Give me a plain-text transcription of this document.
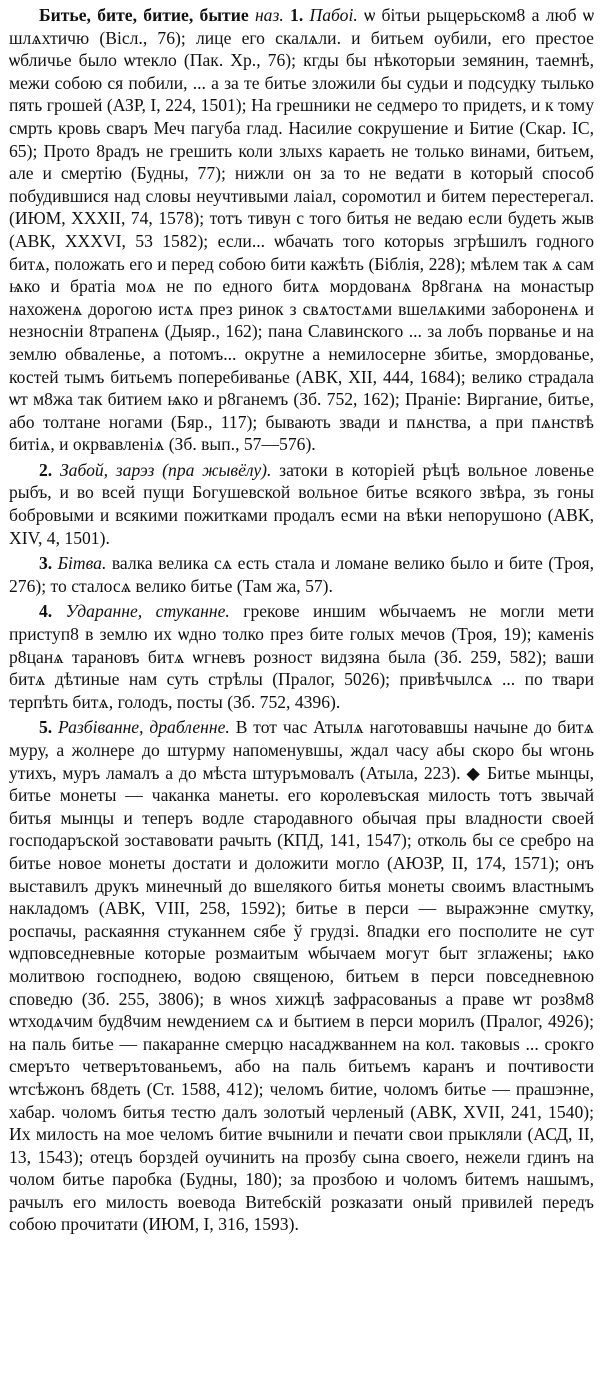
Битье, бите, битие, бытие наз. 1. Пабоі. ѡ бітьи рыцерьском8 а люб ѡ шлѧхтичю (Вісл., 76); лице его скалѧли. и битьем оубили, его престое ѡбличье было ѡтекло (Пак. Хр., 76); кгды бы нѣкоторыи земянин, таемнѣ, межи собою ся побили, ... а за те битье зложили бы судьи и подсудку тылько пять грошей (АЗР, I, 224, 1501); На грешники не седмеро то придетѕ, и к тому смрть кровь сваръ Меч пагуба глад. Насилие сокрушение и Битие (Скар. ІС, 65); Прото 8радъ не грешить коли злыхѕ караеть не только винами, битьем, але и смертію (Будны, 77); нижли он за то не ведати в который способ побудившися над словы неучтивыми лаіал, соромотил и битем перестерегал. (ИЮМ, XXXII, 74, 1578); тотъ тивун с того битья не ведаю если будеть жыв (АВК, XXXVI, 53 1582); если... ѡбачать того которыѕ згрѣшилъ годного битѧ, положать его и перед собою бити кажѣть (Біблія, 228); мѣлем так ѧ сам ѩко и братіа моѧ не по едного битѧ мордованѧ 8р8ганѧ на монастыр нахоженѧ дорогою истѧ през ринок з свѧтостѧми вшелѧкими забороненѧ и незносніи 8трапенѧ (Дыяр., 162); пана Славинского ... за лобъ порванье и на землю обваленье, а потомъ... окрутне а немилосерне збитье, змордованье, костей тымъ битьемъ поперебиванье (АВК, XII, 444, 1684); велико страдала ѡт м8жа так битием ѩко и р8ганемъ (Зб. 752, 162); Праніе: Виргание, битье, або толтане ногами (Бяр., 117); бывають звади и пѧнства, а при пѧнствѣ битіѧ, и окрвавленіѧ (Зб. вып., 57—576).

2. Забой, зарэз (пра жывёлу). затоки в которіей рѣцѣ вольное ловенье рыбъ, и во всей пущи Богушевской вольное битье всякого звѣра, зъ гоны бобровыми и всякими пожитками продалъ есми на вѣки непорушоно (АВК, XIV, 4, 1501).

3. Бітва. валка велика сѧ есть стала и ломане велико было и бите (Троя, 276); то сталосѧ велико битье (Там жа, 57).

4. Ударанне, стуканне. грекове иншим ѡбычаемъ не могли мети приступ8 в землю их ѡдно толко през бите голых мечов (Троя, 19); каменіѕ р8цанѧ тарановъ битѧ ѡгневъ розност видзяна была (Зб. 259, 582); ваши битѧ дѣтиные нам суть стрѣлы (Пралог, 5026); привѣчылсѧ ... по твари терпѣть битѧ, голодъ, посты (Зб. 752, 4396).

5. Разбіванне, драбленне. В тот час Атылѧ наготовавшы начыне до битѧ муру, а жолнере до штурму напоменувшы, ждал часу абы скоро бы ѡгонь утихъ, муръ ламалъ а до мѣста штуръмовалъ (Атыла, 223). ◆ Битье мынцы, битье монеты — чаканка манеты. его королевъская милость тотъ звычай битья мынцы и теперъ водле стародавного обычая пры владности своей господаръской зоставовати рачыть (КПД, 141, 1547); отколь бы се сребро на битье новое монеты достати и доложити могло (АЮЗР, II, 174, 1571); онъ выставилъ друкъ минечный до вшелякого битья монеты своимъ властнымъ накладомъ (АВК, VIII, 258, 1592); битье в перси — выражэнне смутку, роспачы, раскаяння стуканнем сябе ў грудзі. 8падки его посполите не сут ѡдповседневные которые розмаитым ѡбычаем могут быт зглажены; ѩко молитвою господнею, водою священою, битьем в перси повседневною споведю (Зб. 255, 3806); в ѡноѕ хижцѣ зафрасованыѕ а праве ѡт роз8м8 ѡтходѧчим буд8чим неѡдением сѧ и бытием в перси морилъ (Пралог, 4926); на паль битье — пакаранне смерцю насаджваннем на кол. таковыѕ ... срокго смеръто четверътованьемъ, або на паль битьемъ каранъ и почтивости ѡтсѣжонъ б8деть (Ст. 1588, 412); челомъ битие, чоломъ битье — прашэнне, хабар. чоломъ битья тестю далъ золотый черленый (АВК, XVII, 241, 1540); Их милость на мое челомъ битие вчынили и печати свои прыкляли (АСД, II, 13, 1543); отецъ борздей оучинить на прозбу сына своего, нежели гдинъ на чолом битье паробка (Будны, 180); за прозбою и чоломъ битемъ нашымъ, рачылъ его милость воевода Витебскій розказати оный привилей передъ собою прочитати (ИЮМ, I, 316, 1593).
